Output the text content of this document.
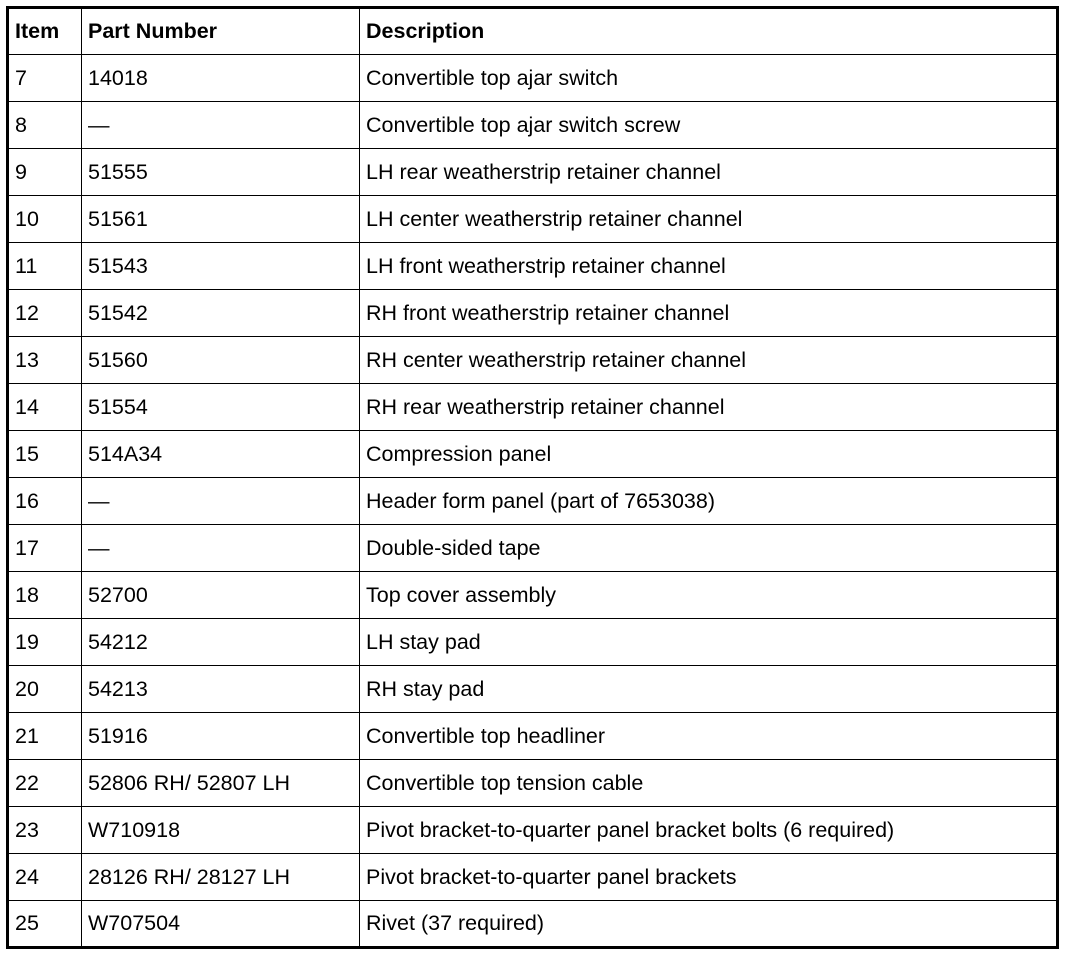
Item	Part Number	Description
7	14018	Convertible top ajar switch
8	—	Convertible top ajar switch screw
9	51555	LH rear weatherstrip retainer channel
10	51561	LH center weatherstrip retainer channel
11	51543	LH front weatherstrip retainer channel
12	51542	RH front weatherstrip retainer channel
13	51560	RH center weatherstrip retainer channel
14	51554	RH rear weatherstrip retainer channel
15	514A34	Compression panel
16	—	Header form panel (part of 7653038)
17	—	Double-sided tape
18	52700	Top cover assembly
19	54212	LH stay pad
20	54213	RH stay pad
21	51916	Convertible top headliner
22	52806 RH/ 52807 LH	Convertible top tension cable
23	W710918	Pivot bracket-to-quarter panel bracket bolts (6 required)
24	28126 RH/ 28127 LH	Pivot bracket-to-quarter panel brackets
25	W707504	Rivet (37 required)
